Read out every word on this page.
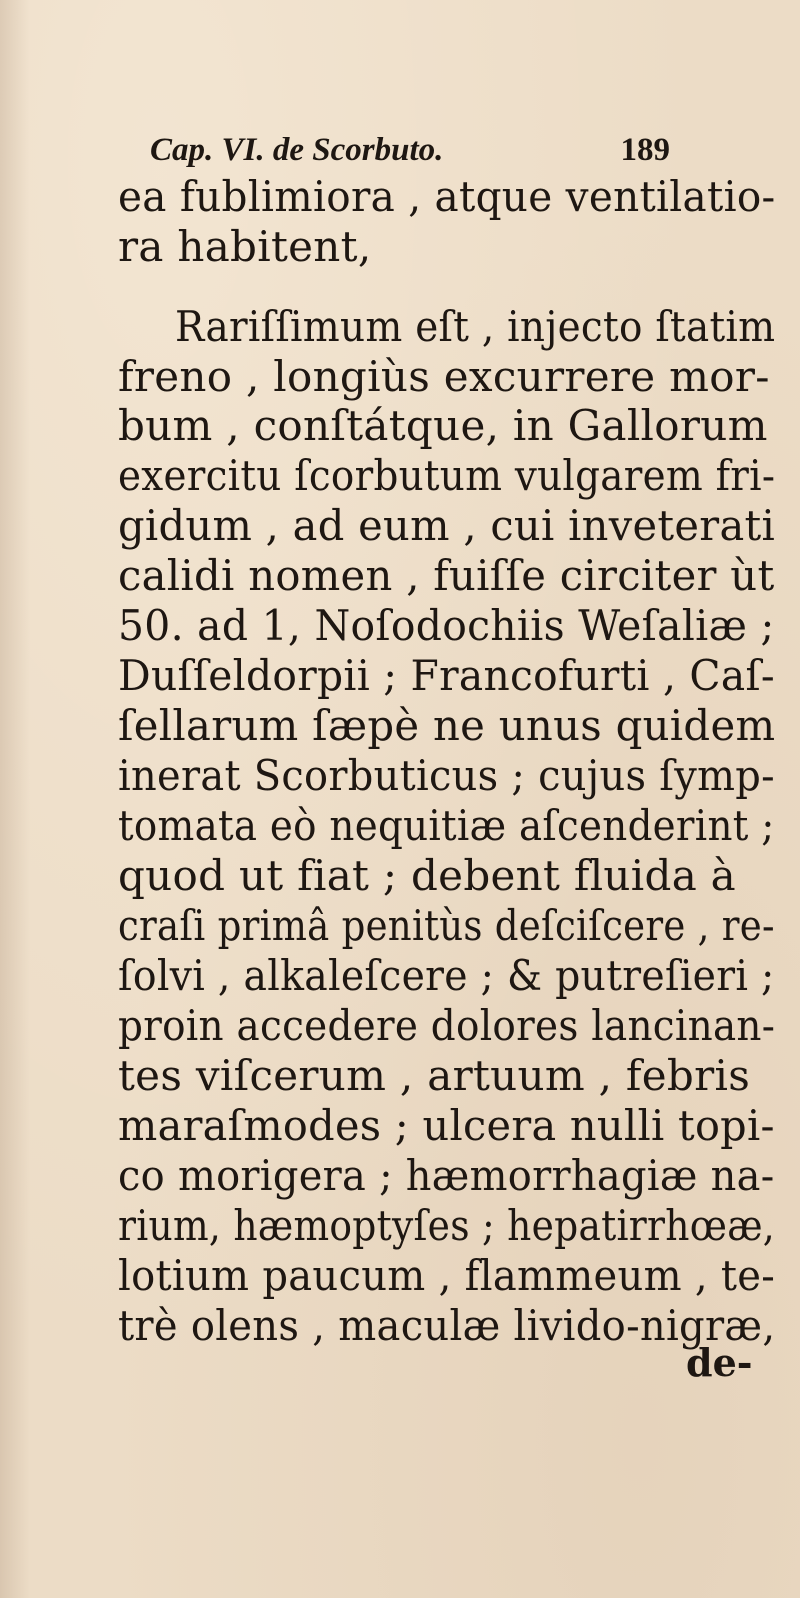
Cap. VI. de Scorbuto.	189
ea fublimiora , atque ventilatio-
ra habitent,
Rariſſimum eſt , injecto ſtatim
freno , longiùs excurrere mor-
bum , conſtátque, in Gallorum
exercitu ſcorbutum vulgarem fri-
gidum , ad eum , cui inveterati
calidi nomen , fuiſſe circiter ùt
50. ad 1, Noſodochiis Weſaliæ ;
Duſſeldorpii ; Francofurti , Caſ-
ſellarum ſæpè ne unus quidem
inerat Scorbuticus ; cujus ſymp-
tomata eò nequitiæ aſcenderint ;
quod ut fiat ; debent fluida à
craſi primâ penitùs deſciſcere , re-
ſolvi , alkaleſcere ; & putreſieri ;
proin accedere dolores lancinan-
tes viſcerum , artuum , febris
maraſmodes ; ulcera nulli topi-
co morigera ; hæmorrhagiæ na-
rium, hæmoptyſes ; hepatirrhœæ,
lotium paucum , flammeum , te-
trè olens , maculæ livido-nigræ,
de-
